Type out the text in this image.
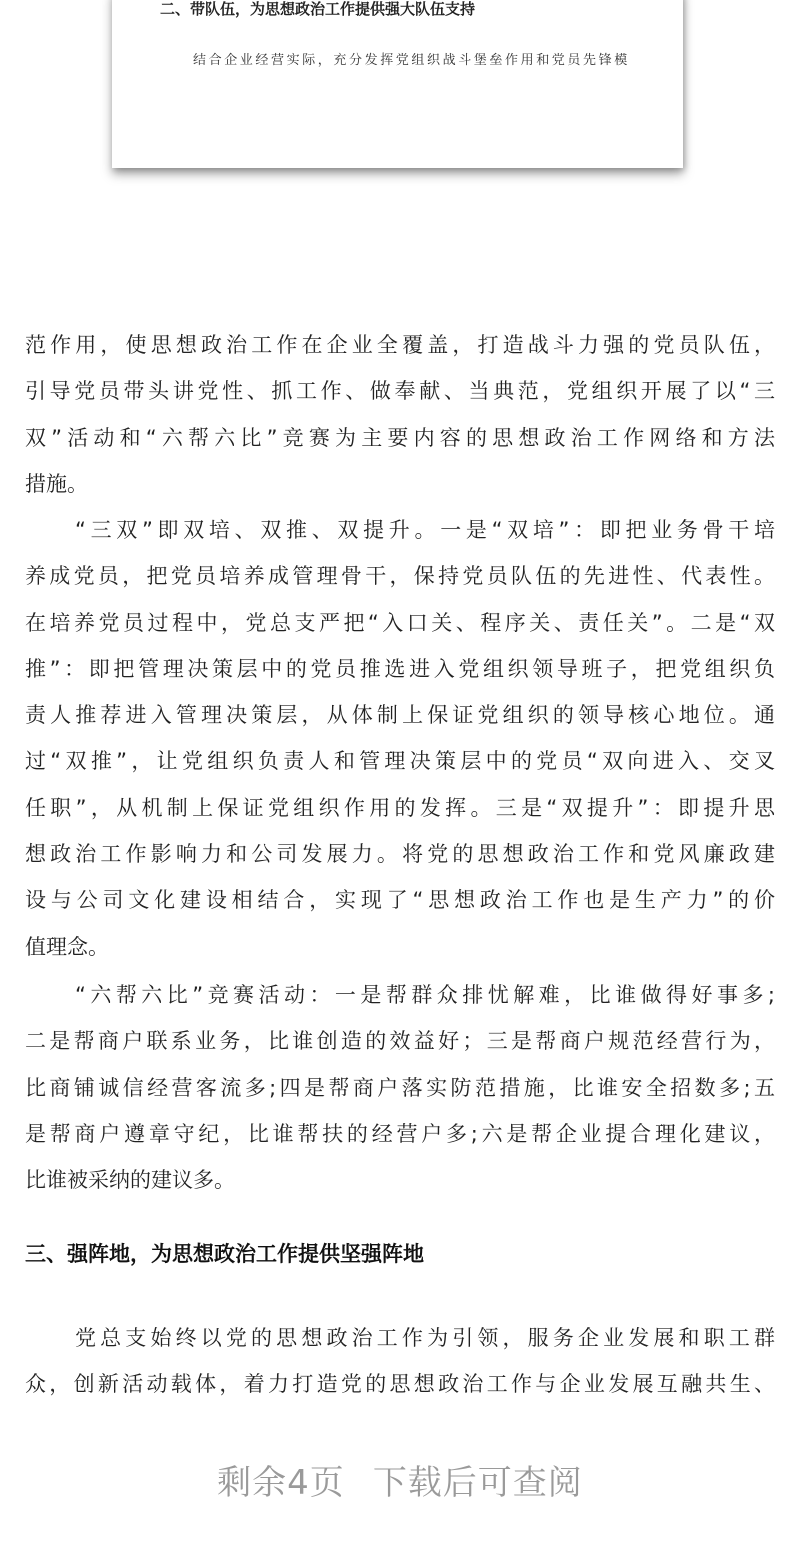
二、带队伍，为思想政治工作提供强大队伍支持
结合企业经营实际，充分发挥党组织战斗堡垒作用和党员先锋模
范作用，使思想政治工作在企业全覆盖，打造战斗力强的党员队伍，
引导党员带头讲党性、抓工作、做奉献、当典范，党组织开展了以“三
双”活动和“六帮六比”竞赛为主要内容的思想政治工作网络和方法
措施。
“三双”即双培、双推、双提升。一是“双培”：即把业务骨干培
养成党员，把党员培养成管理骨干，保持党员队伍的先进性、代表性。
在培养党员过程中，党总支严把“入口关、程序关、责任关”。二是“双
推”：即把管理决策层中的党员推选进入党组织领导班子，把党组织负
责人推荐进入管理决策层，从体制上保证党组织的领导核心地位。通
过“双推”，让党组织负责人和管理决策层中的党员“双向进入、交叉
任职”，从机制上保证党组织作用的发挥。三是“双提升”：即提升思
想政治工作影响力和公司发展力。将党的思想政治工作和党风廉政建
设与公司文化建设相结合，实现了“思想政治工作也是生产力”的价
值理念。
“六帮六比”竞赛活动：一是帮群众排忧解难，比谁做得好事多;
二是帮商户联系业务，比谁创造的效益好；三是帮商户规范经营行为，
比商铺诚信经营客流多;四是帮商户落实防范措施，比谁安全招数多;五
是帮商户遵章守纪，比谁帮扶的经营户多;六是帮企业提合理化建议，
比谁被采纳的建议多。
三、强阵地，为思想政治工作提供坚强阵地
党总支始终以党的思想政治工作为引领，服务企业发展和职工群
众，创新活动载体，着力打造党的思想政治工作与企业发展互融共生、
剩余4页 下载后可查阅
